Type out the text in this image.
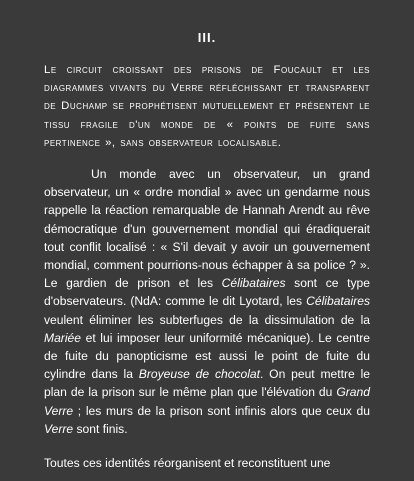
III.

Le circuit croissant des prisons de Foucault et les diagrammes vivants du Verre réfléchissant et transparent de Duchamp se prophétisent mutuellement et présentent le tissu fragile d'un monde de « points de fuite sans pertinence », sans observateur localisable.

Un monde avec un observateur, un grand observateur, un « ordre mondial » avec un gendarme nous rappelle la réaction remarquable de Hannah Arendt au rêve démocratique d'un gouvernement mondial qui éradiquerait tout conflit localisé : « S'il devait y avoir un gouvernement mondial, comment pourrions-nous échapper à sa police ? ». Le gardien de prison et les Célibataires sont ce type d'observateurs. (NdA: comme le dit Lyotard, les Célibataires veulent éliminer les subterfuges de la dissimulation de la Mariée et lui imposer leur uniformité mécanique). Le centre de fuite du panopticisme est aussi le point de fuite du cylindre dans la Broyeuse de chocolat. On peut mettre le plan de la prison sur le même plan que l'élévation du Grand Verre ; les murs de la prison sont infinis alors que ceux du Verre sont finis.

Toutes ces identités réorganisent et reconstituent une
